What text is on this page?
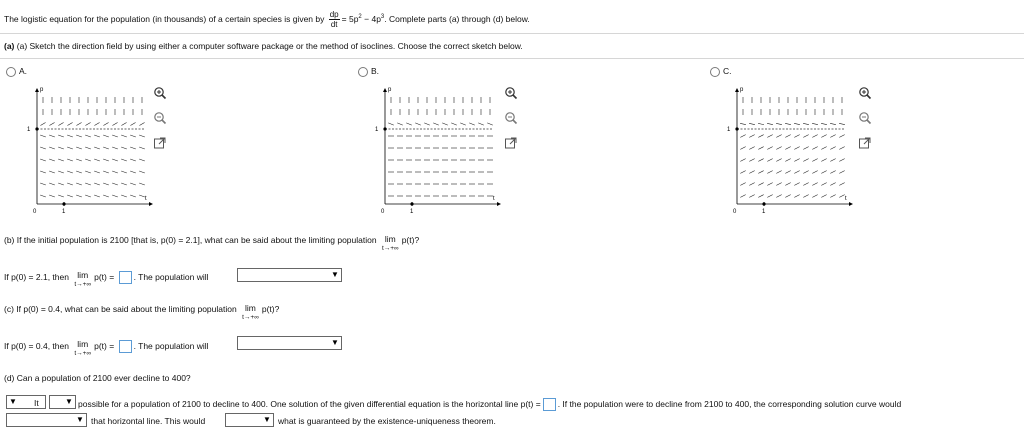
The logistic equation for the population (in thousands) of a certain species is given by $\frac{dp}{dt} = 5p^2 - 4p^3$. Complete parts (a) through (d) below.
(a) (a) Sketch the direction field by using either a computer software package or the method of isoclines. Choose the correct sketch below.
A.
p
t
0
1
1
B.
p
t
0
1
1
C.
p
t
0
1
1
(b) If the initial population is 2100 [that is, p(0) = 2.1], what can be said about the limiting population lim
t→+∞
p(t)?
If p(0) = 2.1, then lim
t→+∞
p(t) = . The population will	▼
(c) If p(0) = 0.4, what can be said about the limiting population lim
t→+∞
p(t)?
If p(0) = 0.4, then lim
t→+∞
p(t) = . The population will	▼
(d) Can a population of 2100 ever decline to 400?
▼ It	▼ possible for a population of 2100 to decline to 400. One solution of the given differential equation is the horizontal line p(t) = . If the population were to decline from 2100 to 400, the corresponding solution curve would
▼ that horizontal line. This would	▼ what is guaranteed by the existence-uniqueness theorem.
